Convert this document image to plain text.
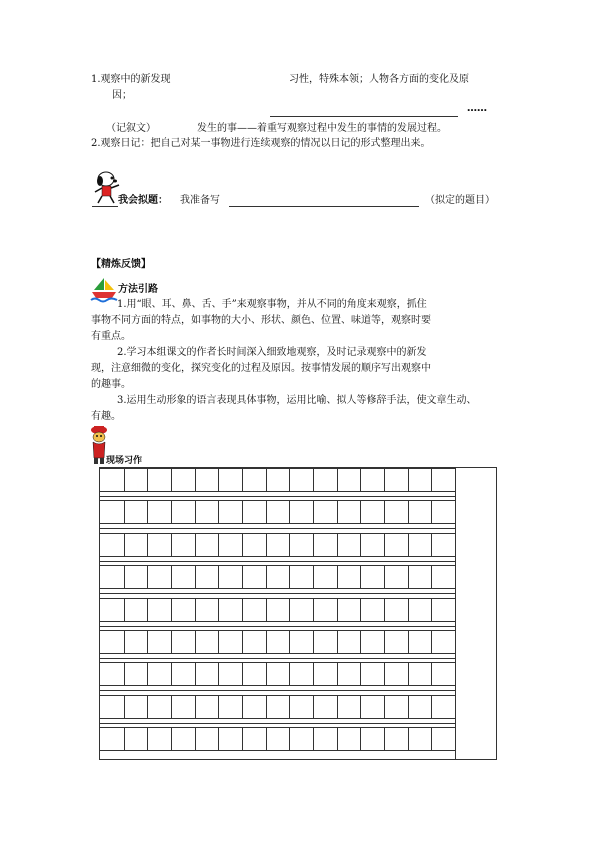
1.观察中的新发现	习性，特殊本领；人物各方面的变化及原
因；
……
（记叙文）	发生的事——着重写观察过程中发生的事情的发展过程。
2.观察日记：把自己对某一事物进行连续观察的情况以日记的形式整理出来。
我会拟题： 我准备写	（拟定的题目）
【精炼反馈】
方法引路
1.用“眼、耳、鼻、舌、手”来观察事物，并从不同的角度来观察，抓住
事物不同方面的特点，如事物的大小、形状、颜色、位置、味道等，观察时要
有重点。
2.学习本组课文的作者长时间深入细致地观察，及时记录观察中的新发
现，注意细微的变化，探究变化的过程及原因。按事情发展的顺序写出观察中
的趣事。
3.运用生动形象的语言表现具体事物，运用比喻、拟人等修辞手法，使文章生动、
有趣。
现场习作
